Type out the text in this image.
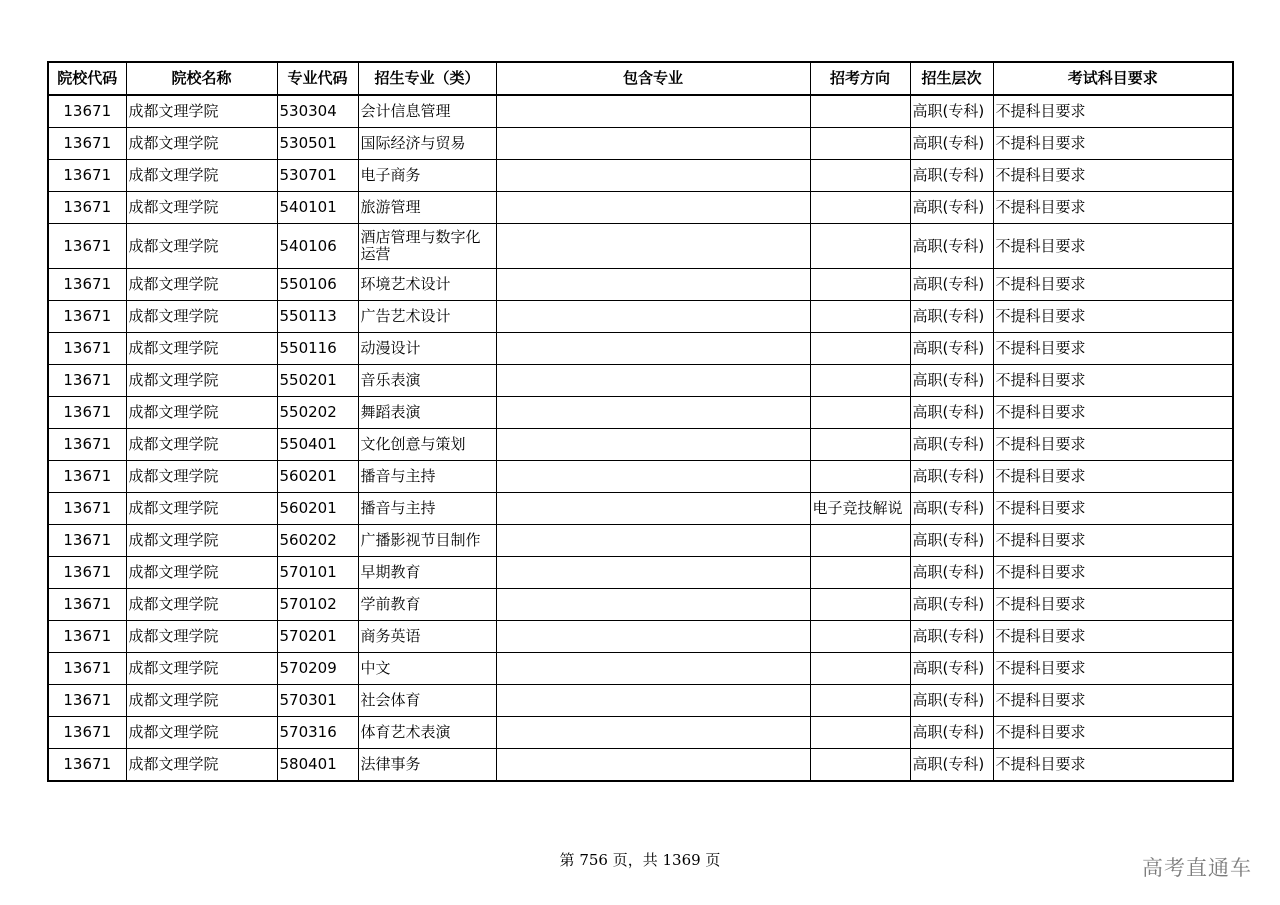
院校代码	院校名称	专业代码	招生专业（类）	包含专业	招考方向	招生层次	考试科目要求
13671	成都文理学院	530304	会计信息管理			高职(专科)	不提科目要求
13671	成都文理学院	530501	国际经济与贸易			高职(专科)	不提科目要求
13671	成都文理学院	530701	电子商务			高职(专科)	不提科目要求
13671	成都文理学院	540101	旅游管理			高职(专科)	不提科目要求
13671	成都文理学院	540106	酒店管理与数字化运营			高职(专科)	不提科目要求
13671	成都文理学院	550106	环境艺术设计			高职(专科)	不提科目要求
13671	成都文理学院	550113	广告艺术设计			高职(专科)	不提科目要求
13671	成都文理学院	550116	动漫设计			高职(专科)	不提科目要求
13671	成都文理学院	550201	音乐表演			高职(专科)	不提科目要求
13671	成都文理学院	550202	舞蹈表演			高职(专科)	不提科目要求
13671	成都文理学院	550401	文化创意与策划			高职(专科)	不提科目要求
13671	成都文理学院	560201	播音与主持			高职(专科)	不提科目要求
13671	成都文理学院	560201	播音与主持		电子竞技解说	高职(专科)	不提科目要求
13671	成都文理学院	560202	广播影视节目制作			高职(专科)	不提科目要求
13671	成都文理学院	570101	早期教育			高职(专科)	不提科目要求
13671	成都文理学院	570102	学前教育			高职(专科)	不提科目要求
13671	成都文理学院	570201	商务英语			高职(专科)	不提科目要求
13671	成都文理学院	570209	中文			高职(专科)	不提科目要求
13671	成都文理学院	570301	社会体育			高职(专科)	不提科目要求
13671	成都文理学院	570316	体育艺术表演			高职(专科)	不提科目要求
13671	成都文理学院	580401	法律事务			高职(专科)	不提科目要求
第 756 页，共 1369 页	高考直通车
